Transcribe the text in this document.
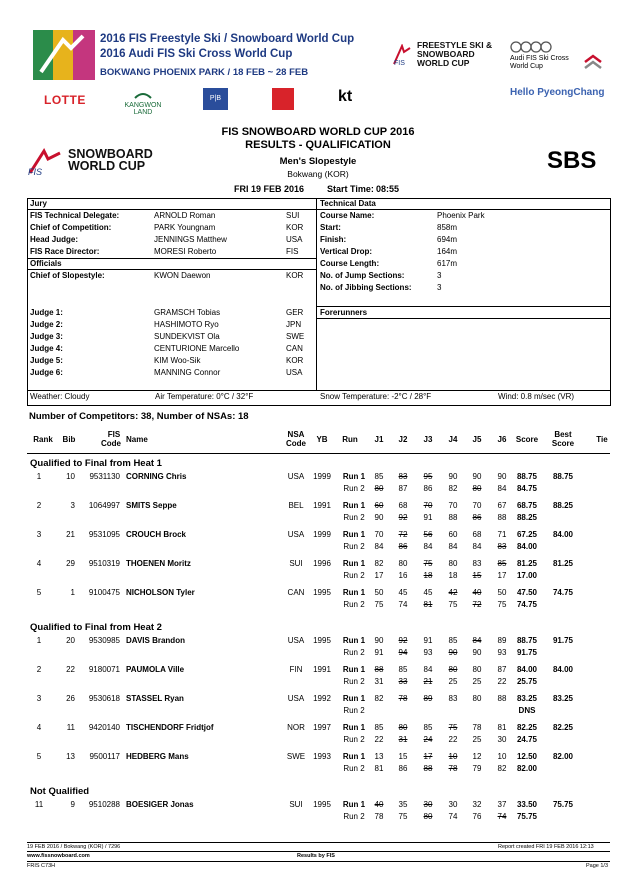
2016 FIS Freestyle Ski / Snowboard World Cup
2016 Audi FIS Ski Cross World Cup
BOKWANG PHOENIX PARK / 18 FEB ~ 28 FEB
FIS
FREESTYLE SKI & SNOWBOARD WORLD CUP	Audi FIS Ski Cross World Cup
LOTTE	KANGWON LAND
P|B	kt	Hello PyeongChang
FIS SNOWBOARD WORLD CUP 2016
RESULTS - QUALIFICATION
Men's Slopestyle
Bokwang (KOR)
FRI 19 FEB 2016	Start Time: 08:55
FIS
SNOWBOARD WORLD CUP	SBS
Jury	Technical Data
FIS Technical Delegate:	ARNOLD Roman	SUI
Chief of Competition:	PARK Youngnam	KOR
Head Judge:	JENNINGS Matthew	USA
FIS Race Director:	MORESI Roberto	FIS
Officials
Chief of Slopestyle:	KWON Daewon	KOR
Judge 1:	GRAMSCH Tobias	GER
Judge 2:	HASHIMOTO Ryo	JPN
Judge 3:	SUNDEKVIST Ola	SWE
Judge 4:	CENTURIONE Marcello	CAN
Judge 5:	KIM Woo-Sik	KOR
Judge 6:	MANNING Connor	USA
Course Name:	Phoenix Park
Start:	858m
Finish:	694m
Vertical Drop:	164m
Course Length:	617m
No. of Jump Sections:	3
No. of Jibbing Sections:	3
Forerunners
Weather: Cloudy	Air Temperature: 0°C / 32°F	Snow Temperature: -2°C / 28°F	Wind: 0.8 m/sec (VR)
Number of Competitors: 38, Number of NSAs: 18
Rank	Bib
FIS
Code Name
NSA
Code	YB	Run	J1	J2	J3	J4	J5	J6	Score
Best
Score	Tie
Qualified to Final from Heat 1
1	10	9531130 CORNING Chris	USA	1999	88.75
Run 1	85	83	95	90	90	90	88.75
Run 2	80	87	86	82	80	84	84.75
2	3	1064997 SMITS Seppe	BEL	1991	88.25
Run 1	60	68	70	70	70	67	68.75
Run 2	90	92	91	88	86	88	88.25
3	21	9531095 CROUCH Brock	USA	1999	84.00
Run 1	70	72	56	60	68	71	67.25
Run 2	84	86	84	84	84	83	84.00
4	29	9510319 THOENEN Moritz	SUI	1996	81.25
Run 1	82	80	75	80	83	85	81.25
Run 2	17	16	18	18	15	17	17.00
5	1	9100475 NICHOLSON Tyler	CAN	1995	74.75
Run 1	50	45	45	42	40	50	47.50
Run 2	75	74	81	75	72	75	74.75
Qualified to Final from Heat 2
1	20	9530985 DAVIS Brandon	USA	1995	91.75
Run 1	90	92	91	85	84	89	88.75
Run 2	91	94	93	90	90	93	91.75
2	22	9180071 PAUMOLA Ville	FIN	1991	84.00
Run 1	88	85	84	80	80	87	84.00
Run 2	31	33	21	25	25	22	25.75
3	26	9530618 STASSEL Ryan	USA	1992	83.25
Run 1	82	78	89	83	80	88	83.25
Run 2	DNS
4	11	9420140 TISCHENDORF Fridtjof	NOR	1997	82.25
Run 1	85	80	85	75	78	81	82.25
Run 2	22	31	24	22	25	30	24.75
5	13	9500117 HEDBERG Mans	SWE 1993	82.00
Run 1	13	15	17	10	12	10	12.50
Run 2	81	86	88	78	79	82	82.00
Not Qualified
11	9	9510288 BOESIGER Jonas	SUI	1995	75.75
Run 1	40	35	30	30	32	37	33.50
Run 2	78	75	80	74	76	74	75.75
19 FEB 2016 / Bokwang (KOR) / 7296	Report created FRI 19 FEB 2016 12:13
www.fissnowboard.com	Results by FIS
FRIS C73H	Page 1/3
